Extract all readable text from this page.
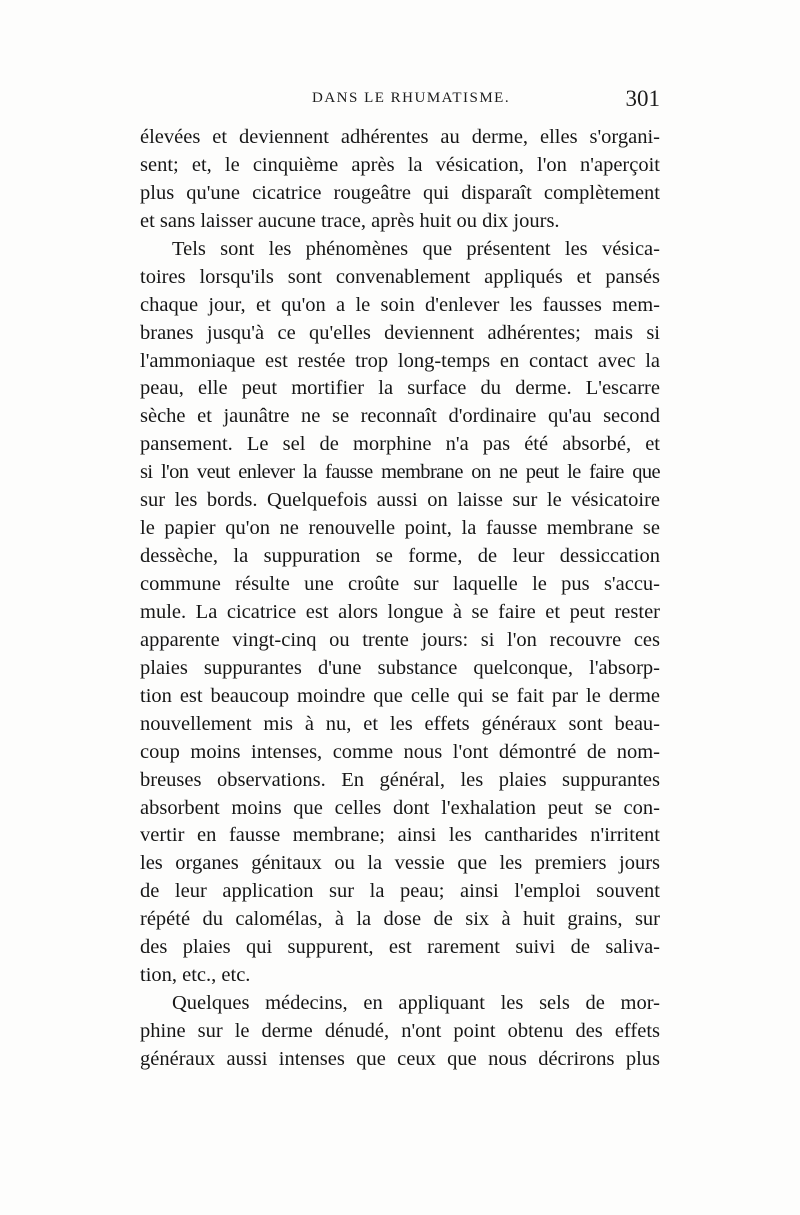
DANS LE RHUMATISME.	301
élevées et deviennent adhérentes au derme, elles s'organi-
sent; et, le cinquième après la vésication, l'on n'aperçoit
plus qu'une cicatrice rougeâtre qui disparaît complètement
et sans laisser aucune trace, après huit ou dix jours.
Tels sont les phénomènes que présentent les vésica-
toires lorsqu'ils sont convenablement appliqués et pansés
chaque jour, et qu'on a le soin d'enlever les fausses mem-
branes jusqu'à ce qu'elles deviennent adhérentes; mais si
l'ammoniaque est restée trop long-temps en contact avec la
peau, elle peut mortifier la surface du derme. L'escarre
sèche et jaunâtre ne se reconnaît d'ordinaire qu'au second
pansement. Le sel de morphine n'a pas été absorbé, et
si l'on veut enlever la fausse membrane on ne peut le faire que
sur les bords. Quelquefois aussi on laisse sur le vésicatoire
le papier qu'on ne renouvelle point, la fausse membrane se
dessèche, la suppuration se forme, de leur dessiccation
commune résulte une croûte sur laquelle le pus s'accu-
mule. La cicatrice est alors longue à se faire et peut rester
apparente vingt-cinq ou trente jours: si l'on recouvre ces
plaies suppurantes d'une substance quelconque, l'absorp-
tion est beaucoup moindre que celle qui se fait par le derme
nouvellement mis à nu, et les effets généraux sont beau-
coup moins intenses, comme nous l'ont démontré de nom-
breuses observations. En général, les plaies suppurantes
absorbent moins que celles dont l'exhalation peut se con-
vertir en fausse membrane; ainsi les cantharides n'irritent
les organes génitaux ou la vessie que les premiers jours
de leur application sur la peau; ainsi l'emploi souvent
répété du calomélas, à la dose de six à huit grains, sur
des plaies qui suppurent, est rarement suivi de saliva-
tion, etc., etc.
Quelques médecins, en appliquant les sels de mor-
phine sur le derme dénudé, n'ont point obtenu des effets
généraux aussi intenses que ceux que nous décrirons plus
